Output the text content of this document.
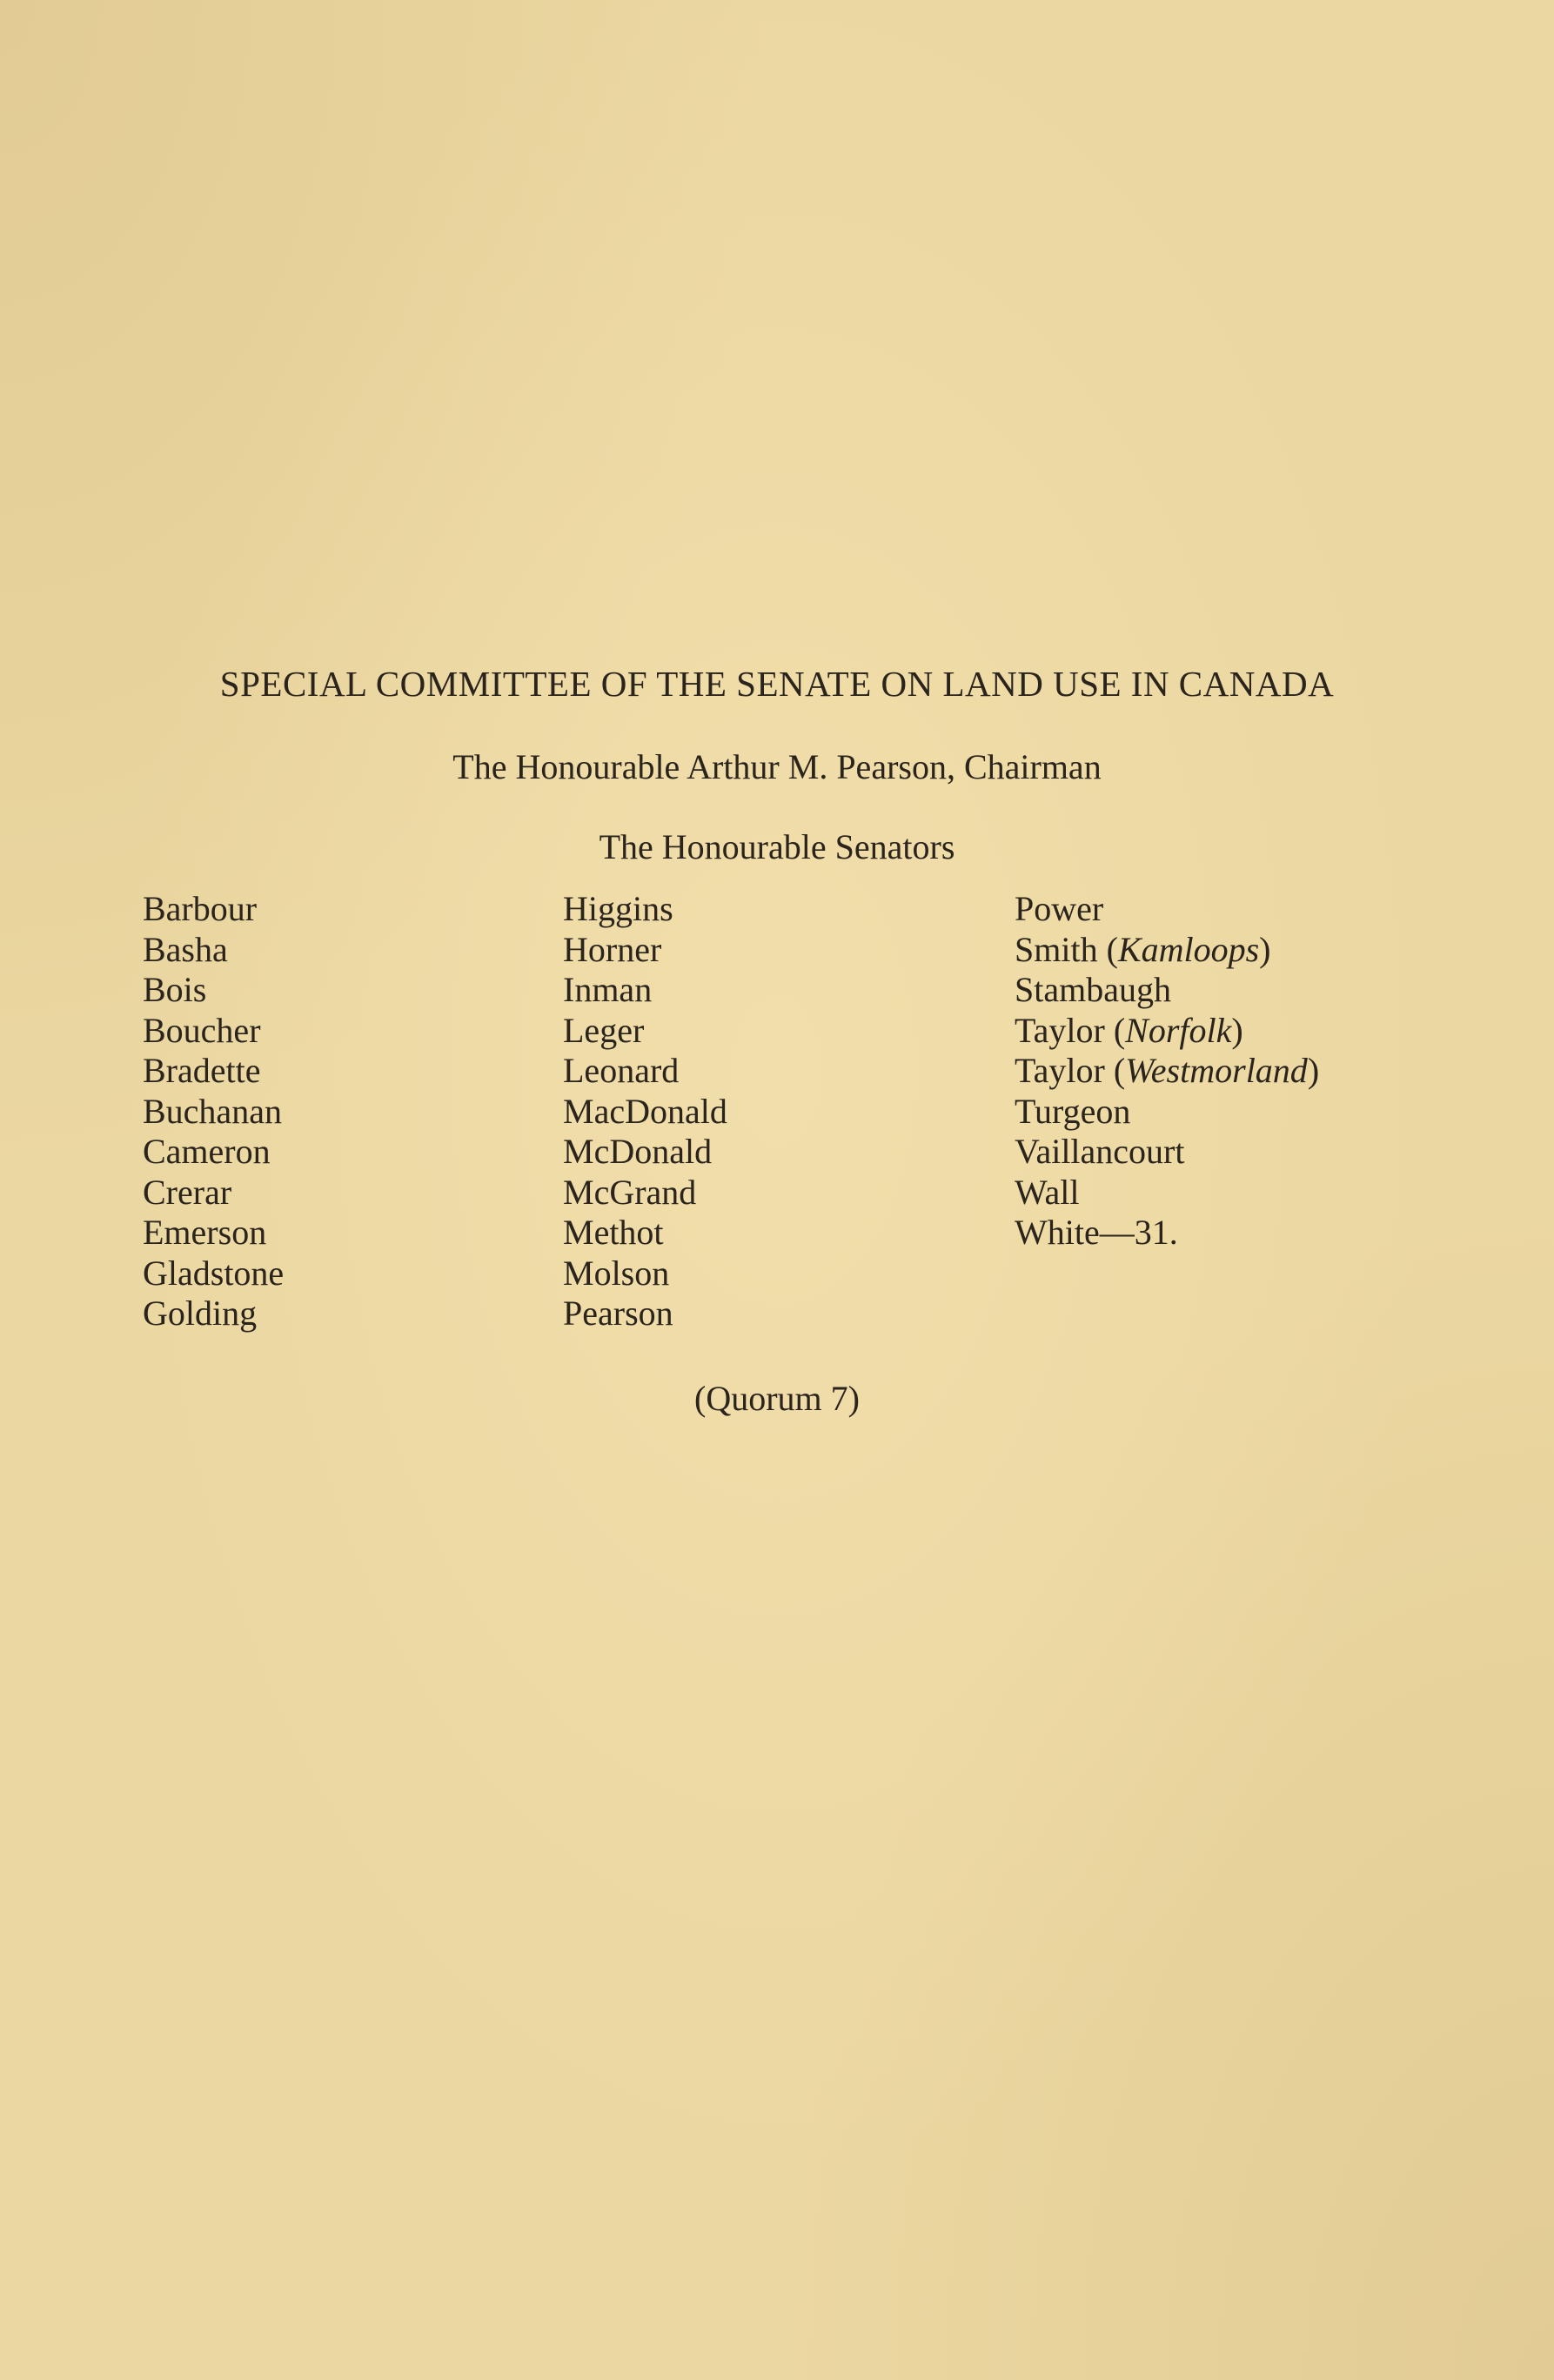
SPECIAL COMMITTEE OF THE SENATE ON LAND USE IN CANADA
The Honourable Arthur M. Pearson, Chairman
The Honourable Senators
Barbour
Basha
Bois
Boucher
Bradette
Buchanan
Cameron
Crerar
Emerson
Gladstone
Golding
Higgins
Horner
Inman
Leger
Leonard
MacDonald
McDonald
McGrand
Methot
Molson
Pearson
Power
Smith (Kamloops)
Stambaugh
Taylor (Norfolk)
Taylor (Westmorland)
Turgeon
Vaillancourt
Wall
White—31.
(Quorum 7)
